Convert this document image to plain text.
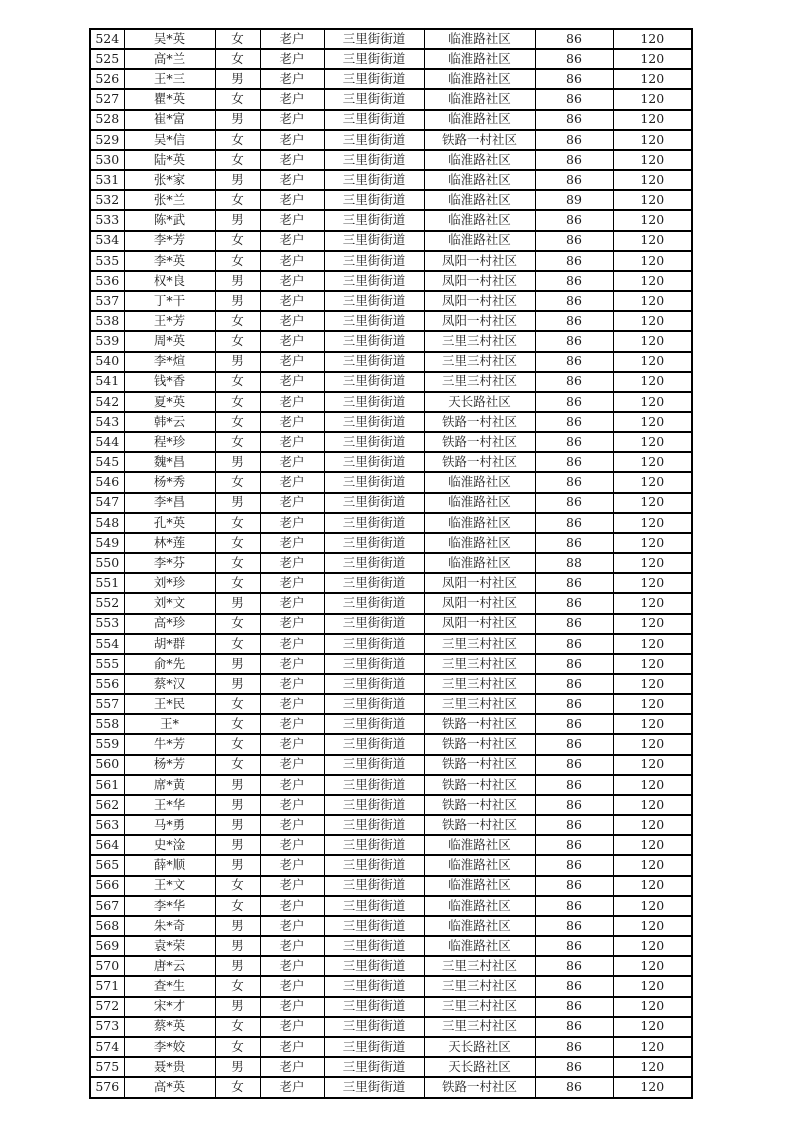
524	吴*英	女	老户	三里街街道	临淮路社区	86	120
525	高*兰	女	老户	三里街街道	临淮路社区	86	120
526	王*三	男	老户	三里街街道	临淮路社区	86	120
527	瞿*英	女	老户	三里街街道	临淮路社区	86	120
528	崔*富	男	老户	三里街街道	临淮路社区	86	120
529	吴*信	女	老户	三里街街道	铁路一村社区	86	120
530	陆*英	女	老户	三里街街道	临淮路社区	86	120
531	张*家	男	老户	三里街街道	临淮路社区	86	120
532	张*兰	女	老户	三里街街道	临淮路社区	89	120
533	陈*武	男	老户	三里街街道	临淮路社区	86	120
534	李*芳	女	老户	三里街街道	临淮路社区	86	120
535	李*英	女	老户	三里街街道	凤阳一村社区	86	120
536	权*良	男	老户	三里街街道	凤阳一村社区	86	120
537	丁*干	男	老户	三里街街道	凤阳一村社区	86	120
538	王*芳	女	老户	三里街街道	凤阳一村社区	86	120
539	周*英	女	老户	三里街街道	三里三村社区	86	120
540	李*煊	男	老户	三里街街道	三里三村社区	86	120
541	钱*香	女	老户	三里街街道	三里三村社区	86	120
542	夏*英	女	老户	三里街街道	天长路社区	86	120
543	韩*云	女	老户	三里街街道	铁路一村社区	86	120
544	程*珍	女	老户	三里街街道	铁路一村社区	86	120
545	魏*昌	男	老户	三里街街道	铁路一村社区	86	120
546	杨*秀	女	老户	三里街街道	临淮路社区	86	120
547	李*昌	男	老户	三里街街道	临淮路社区	86	120
548	孔*英	女	老户	三里街街道	临淮路社区	86	120
549	林*莲	女	老户	三里街街道	临淮路社区	86	120
550	李*芬	女	老户	三里街街道	临淮路社区	88	120
551	刘*珍	女	老户	三里街街道	凤阳一村社区	86	120
552	刘*文	男	老户	三里街街道	凤阳一村社区	86	120
553	高*珍	女	老户	三里街街道	凤阳一村社区	86	120
554	胡*群	女	老户	三里街街道	三里三村社区	86	120
555	俞*先	男	老户	三里街街道	三里三村社区	86	120
556	蔡*汉	男	老户	三里街街道	三里三村社区	86	120
557	王*民	女	老户	三里街街道	三里三村社区	86	120
558	王*	女	老户	三里街街道	铁路一村社区	86	120
559	牛*芳	女	老户	三里街街道	铁路一村社区	86	120
560	杨*芳	女	老户	三里街街道	铁路一村社区	86	120
561	席*黄	男	老户	三里街街道	铁路一村社区	86	120
562	王*华	男	老户	三里街街道	铁路一村社区	86	120
563	马*勇	男	老户	三里街街道	铁路一村社区	86	120
564	史*淦	男	老户	三里街街道	临淮路社区	86	120
565	薛*顺	男	老户	三里街街道	临淮路社区	86	120
566	王*文	女	老户	三里街街道	临淮路社区	86	120
567	李*华	女	老户	三里街街道	临淮路社区	86	120
568	朱*奇	男	老户	三里街街道	临淮路社区	86	120
569	袁*荣	男	老户	三里街街道	临淮路社区	86	120
570	唐*云	男	老户	三里街街道	三里三村社区	86	120
571	查*生	女	老户	三里街街道	三里三村社区	86	120
572	宋*才	男	老户	三里街街道	三里三村社区	86	120
573	蔡*英	女	老户	三里街街道	三里三村社区	86	120
574	李*姣	女	老户	三里街街道	天长路社区	86	120
575	聂*贵	男	老户	三里街街道	天长路社区	86	120
576	高*英	女	老户	三里街街道	铁路一村社区	86	120
